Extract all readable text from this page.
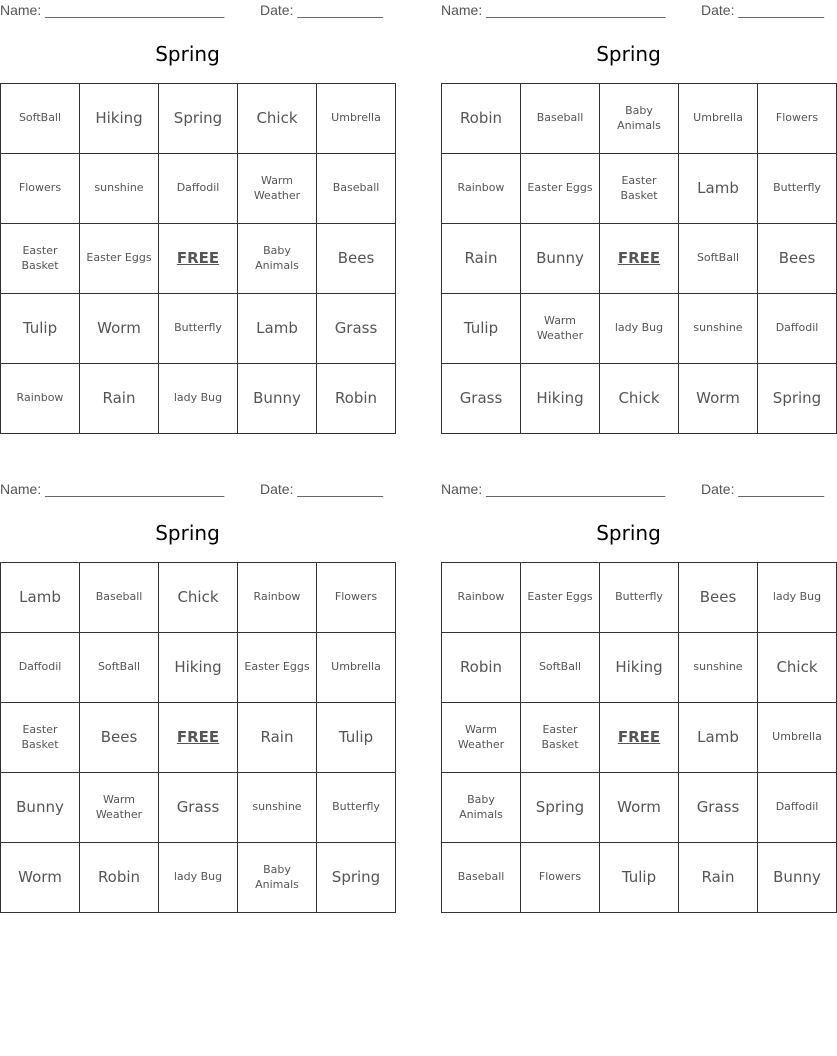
Name: _______________________	Date: ___________
Spring
SoftBall	Hiking	Spring	Chick	Umbrella
Flowers	sunshine	Daffodil	Warm Weather	Baseball
Easter Basket	Easter Eggs	FREE	Baby Animals	Bees
Tulip	Worm	Butterfly	Lamb	Grass
Rainbow	Rain	lady Bug	Bunny	Robin
Name: _______________________	Date: ___________
Spring
Robin	Baseball	Baby Animals	Umbrella	Flowers
Rainbow	Easter Eggs	Easter Basket	Lamb	Butterfly
Rain	Bunny	FREE	SoftBall	Bees
Tulip	Warm Weather	lady Bug	sunshine	Daffodil
Grass	Hiking	Chick	Worm	Spring
Name: _______________________	Date: ___________
Spring
Lamb	Baseball	Chick	Rainbow	Flowers
Daffodil	SoftBall	Hiking	Easter Eggs	Umbrella
Easter Basket	Bees	FREE	Rain	Tulip
Bunny	Warm Weather	Grass	sunshine	Butterfly
Worm	Robin	lady Bug	Baby Animals	Spring
Name: _______________________	Date: ___________
Spring
Rainbow	Easter Eggs	Butterfly	Bees	lady Bug
Robin	SoftBall	Hiking	sunshine	Chick
Warm Weather	Easter Basket	FREE	Lamb	Umbrella
Baby Animals	Spring	Worm	Grass	Daffodil
Baseball	Flowers	Tulip	Rain	Bunny
